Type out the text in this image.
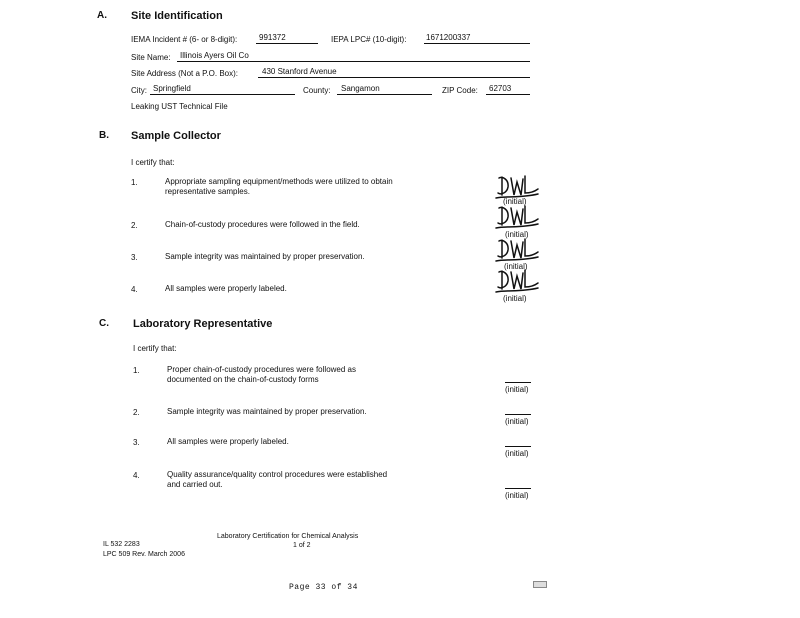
A. Site Identification
IEMA Incident # (6- or 8-digit):	991372	IEPA LPC# (10-digit): 1671200337
Site Name: Illinois Ayers Oil Co
Site Address (Not a P.O. Box):	430 Stanford Avenue
City: Springfield	County: Sangamon	ZIP Code: 62703
Leaking UST Technical File
B. Sample Collector
I certify that:
1.	Appropriate sampling equipment/methods were utilized to obtain representative samples.
(initial)
2.	Chain-of-custody procedures were followed in the field.
(initial)
3.	Sample integrity was maintained by proper preservation.
(initial)
4.	All samples were properly labeled.
(initial)
C. Laboratory Representative
I certify that:
1.	Proper chain-of-custody procedures were followed as documented on the chain-of-custody forms
(initial)
2.	Sample integrity was maintained by proper preservation.
(initial)
3.	All samples were properly labeled.
(initial)
4.	Quality assurance/quality control procedures were established and carried out.
(initial)
Laboratory Certification for Chemical Analysis
1 of 2
IL 532 2283
LPC 509 Rev. March 2006
Page 33 of 34
